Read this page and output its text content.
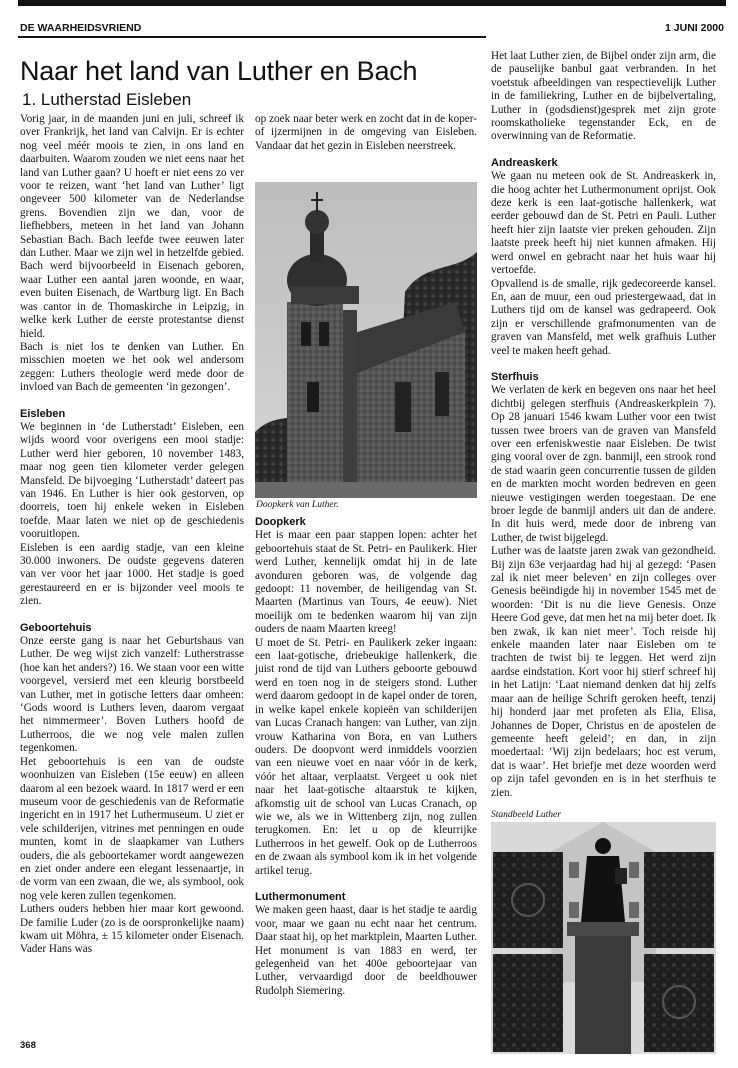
DE WAARHEIDSVRIEND	1 JUNI 2000
Naar het land van Luther en Bach
1. Lutherstad Eisleben

Vorig jaar, in de maanden juni en juli, schreef ik over Frankrijk, het land van Calvijn. Er is echter nog veel méér moois te zien, in ons land en daarbuiten. Waarom zouden we niet eens naar het land van Luther gaan? U hoeft er niet eens zo ver voor te reizen, want ‘het land van Luther’ ligt ongeveer 500 kilometer van de Nederlandse grens. Bovendien zijn we dan, voor de liefhebbers, meteen in het land van Johann Sebastian Bach. Bach leefde twee eeuwen later dan Luther. Maar we zijn wel in hetzelfde gebied. Bach werd bijvoorbeeld in Eisenach geboren, waar Luther een aantal jaren woonde, en waar, even buiten Eisenach, de Wartburg ligt. En Bach was cantor in de Thomaskirche in Leipzig, in welke kerk Luther de eerste protestantse dienst hield.

Bach is niet los te denken van Luther. En misschien moeten we het ook wel andersom zeggen: Luthers theologie werd mede door de invloed van Bach de gemeenten ‘in gezongen’.

Eisleben

We beginnen in ‘de Lutherstadt’ Eisleben, een wijds woord voor overigens een mooi stadje: Luther werd hier geboren, 10 november 1483, maar nog geen tien kilometer verder gelegen Mansfeld. De bijvoeging ‘Lutherstadt’ dateert pas van 1946. En Luther is hier ook gestorven, op doorreis, toen hij enkele weken in Eisleben toefde. Maar laten we niet op de geschiedenis vooruitlopen.

Eisleben is een aardig stadje, van een kleine 30.000 inwoners. De oudste gegevens dateren van ver voor het jaar 1000. Het stadje is goed gerestaureerd en er is bijzonder veel moois te zien.

Geboortehuis

Onze eerste gang is naar het Geburtshaus van Luther. De weg wijst zich vanzelf: Lutherstrasse (hoe kan het anders?) 16. We staan voor een witte voorgevel, versierd met een kleurig borstbeeld van Luther, met in gotische letters daar omheen: ‘Gods woord is Luthers leven, daarom vergaat het nimmermeer’. Boven Luthers hoofd de Lutherroos, die we nog vele malen zullen tegenkomen.

Het geboortehuis is een van de oudste woonhuizen van Eisleben (15e eeuw) en alleen daarom al een bezoek waard. In 1817 werd er een museum voor de geschiedenis van de Reformatie ingericht en in 1917 het Luthermuseum. U ziet er vele schilderijen, vitrines met penningen en oude munten, komt in de slaapkamer van Luthers ouders, die als geboortekamer wordt aangewezen en ziet onder andere een elegant lessenaartje, in de vorm van een zwaan, die we, als symbool, ook nog vele keren zullen tegenkomen.

Luthers ouders hebben hier maar kort gewoond. De familie Luder (zo is de oorspronkelijke naam) kwam uit Möhra, ± 15 kilometer onder Eisenach. Vader Hans was

op zoek naar beter werk en zocht dat in de koper- of ijzermijnen in de omgeving van Eisleben. Vandaar dat het gezin in Eisleben neerstreek.

Doopkerk van Luther.
Doopkerk

Het is maar een paar stappen lopen: achter het geboortehuis staat de St. Petri- en Paulikerk. Hier werd Luther, kennelijk omdat hij in de late avonduren geboren was, de volgende dag gedoopt: 11 november, de heiligendag van St. Maarten (Martinus van Tours, 4e eeuw). Niet moeilijk om te bedenken waarom hij van zijn ouders de naam Maarten kreeg!

U moet de St. Petri- en Paulikerk zeker ingaan: een laat-gotische, driebeukige hallenkerk, die juist rond de tijd van Luthers geboorte gebouwd werd en toen nog in de steigers stond. Luther werd daarom gedoopt in de kapel onder de toren, in welke kapel enkele kopieën van schilderijen van Lucas Cranach hangen: van Luther, van zijn vrouw Katharina von Bora, en van Luthers ouders. De doopvont werd inmiddels voorzien van een nieuwe voet en naar vóór in de kerk, vóór het altaar, verplaatst. Vergeet u ook niet naar het laat-gotische altaarstuk te kijken, afkomstig uit de school van Lucas Cranach, op wie we, als we in Wittenberg zijn, nog zullen terugkomen. En: let u op de kleurrijke Lutherroos in het gewelf. Ook op de Lutherroos en de zwaan als symbool kom ik in het volgende artikel terug.

Luthermonument

We maken geen haast, daar is het stadje te aardig voor, maar we gaan nu echt naar het centrum. Daar staat hij, op het marktplein, Maarten Luther. Het monument is van 1883 en werd, ter gelegenheid van het 400e geboortejaar van Luther, vervaardigd door de beeldhouwer Rudolph Siemering.

Het laat Luther zien, de Bijbel onder zijn arm, die de pauselijke banbul gaat verbranden. In het voetstuk afbeeldingen van respectievelijk Luther in de familiekring, Luther en de bijbelvertaling, Luther in (godsdienst)gesprek met zijn grote roomskatholieke tegenstander Eck, en de overwinning van de Reformatie.

Andreaskerk

We gaan nu meteen ook de St. Andreaskerk in, die hoog achter het Luthermonument oprijst. Ook deze kerk is een laat-gotische hallenkerk, wat eerder gebouwd dan de St. Petri en Pauli. Luther heeft hier zijn laatste vier preken gehouden. Zijn laatste preek heeft hij niet kunnen afmaken. Hij werd onwel en gebracht naar het huis waar hij vertoefde.

Opvallend is de smalle, rijk gedecoreerde kansel. En, aan de muur, een oud priestergewaad, dat in Luthers tijd om de kansel was gedrapeerd. Ook zijn er verschillende grafmonumenten van de graven van Mansfeld, met welk grafhuis Luther veel te maken heeft gehad.

Sterfhuis

We verlaten de kerk en begeven ons naar het heel dichtbij gelegen sterfhuis (Andreaskerkplein 7). Op 28 januari 1546 kwam Luther voor een twist tussen twee broers van de graven van Mansfeld over een erfeniskwestie naar Eisleben. De twist ging vooral over de zgn. banmijl, een strook rond de stad waarin geen concurrentie tussen de gilden en de markten mocht worden bedreven en geen nieuwe vestigingen werden toegestaan. De ene broer legde de banmijl anders uit dan de andere. In dit huis werd, mede door de inbreng van Luther, de twist bijgelegd.

Luther was de laatste jaren zwak van gezondheid. Bij zijn 63e verjaardag had hij al gezegd: ‘Pasen zal ik niet meer beleven’ en zijn colleges over Genesis beëindigde hij in november 1545 met de woorden: ‘Dit is nu die lieve Genesis. Onze Heere God geve, dat men het na mij beter doet. Ik ben zwak, ik kan niet meer’. Toch reisde hij enkele maanden later naar Eisleben om te trachten de twist bij te leggen. Het werd zijn aardse eindstation. Kort voor hij stierf schreef hij in het Latijn: ‘Laat niemand denken dat hij zelfs maar aan de heilige Schrift geroken heeft, tenzij hij honderd jaar met profeten als Elia, Elisa, Johannes de Doper, Christus en de apostelen de gemeente heeft geleid’; en dan, in zijn moedertaal: ‘Wij zijn bedelaars; hoc est verum, dat is waar’. Het briefje met deze woorden werd op zijn tafel gevonden en is in het sterfhuis te zien.

Standbeeld Luther
368
